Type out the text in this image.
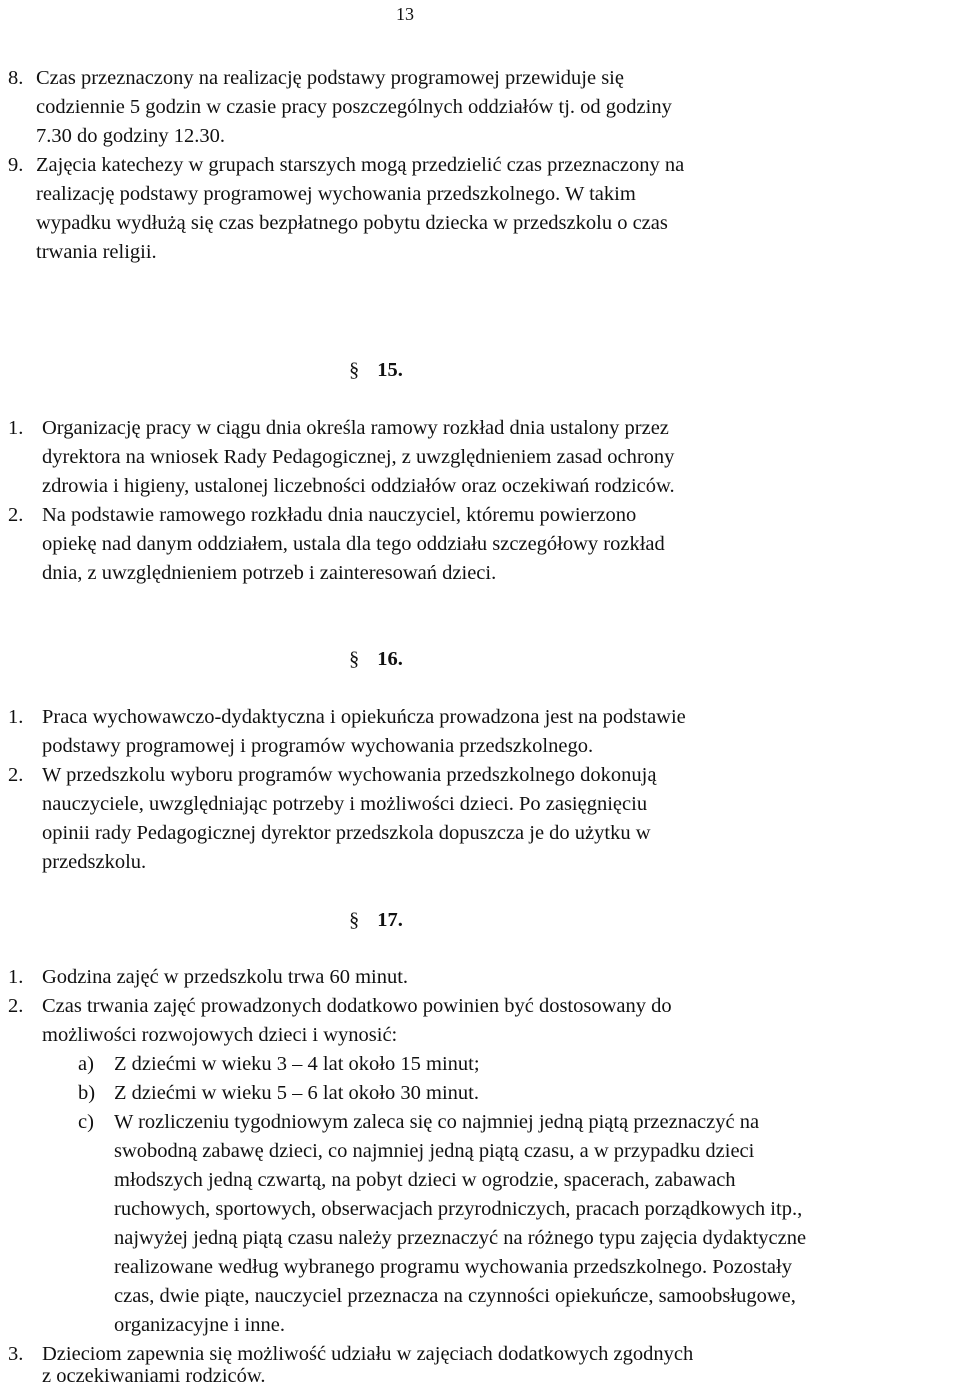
13
8. Czas przeznaczony na realizację podstawy programowej przewiduje się
codziennie 5 godzin w czasie pracy poszczególnych oddziałów tj. od godziny
7.30 do godziny 12.30.
9. Zajęcia katechezy w grupach starszych mogą przedzielić czas przeznaczony na
realizację podstawy programowej wychowania przedszkolnego. W takim
wypadku wydłużą się czas bezpłatnego pobytu dziecka w przedszkolu o czas
trwania religii.
§ 15.
1. Organizację pracy w ciągu dnia określa ramowy rozkład dnia ustalony przez
dyrektora na wniosek Rady Pedagogicznej, z uwzględnieniem zasad ochrony
zdrowia i higieny, ustalonej liczebności oddziałów oraz oczekiwań rodziców.
2. Na podstawie ramowego rozkładu dnia nauczyciel, któremu powierzono
opiekę nad danym oddziałem, ustala dla tego oddziału szczegółowy rozkład
dnia, z uwzględnieniem potrzeb i zainteresowań dzieci.
§ 16.
1. Praca wychowawczo-dydaktyczna i opiekuńcza prowadzona jest na podstawie
podstawy programowej i programów wychowania przedszkolnego.
2. W przedszkolu wyboru programów wychowania przedszkolnego dokonują
nauczyciele, uwzględniając potrzeby i możliwości dzieci. Po zasięgnięciu
opinii rady Pedagogicznej dyrektor przedszkola dopuszcza je do użytku w
przedszkolu.
§ 17.
1. Godzina zajęć w przedszkolu trwa 60 minut.
2. Czas trwania zajęć prowadzonych dodatkowo powinien być dostosowany do
możliwości rozwojowych dzieci i wynosić:
a) Z dziećmi w wieku 3 – 4 lat około 15 minut;
b) Z dziećmi w wieku 5 – 6 lat około 30 minut.
c) W rozliczeniu tygodniowym zaleca się co najmniej jedną piątą przeznaczyć na
swobodną zabawę dzieci, co najmniej jedną piątą czasu, a w przypadku dzieci
młodszych jedną czwartą, na pobyt dzieci w ogrodzie, spacerach, zabawach
ruchowych, sportowych, obserwacjach przyrodniczych, pracach porządkowych itp.,
najwyżej jedną piątą czasu należy przeznaczyć na różnego typu zajęcia dydaktyczne
realizowane według wybranego programu wychowania przedszkolnego. Pozostały
czas, dwie piąte, nauczyciel przeznacza na czynności opiekuńcze, samoobsługowe,
organizacyjne i inne.
3. Dzieciom zapewnia się możliwość udziału w zajęciach dodatkowych zgodnych
z oczekiwaniami rodziców.
